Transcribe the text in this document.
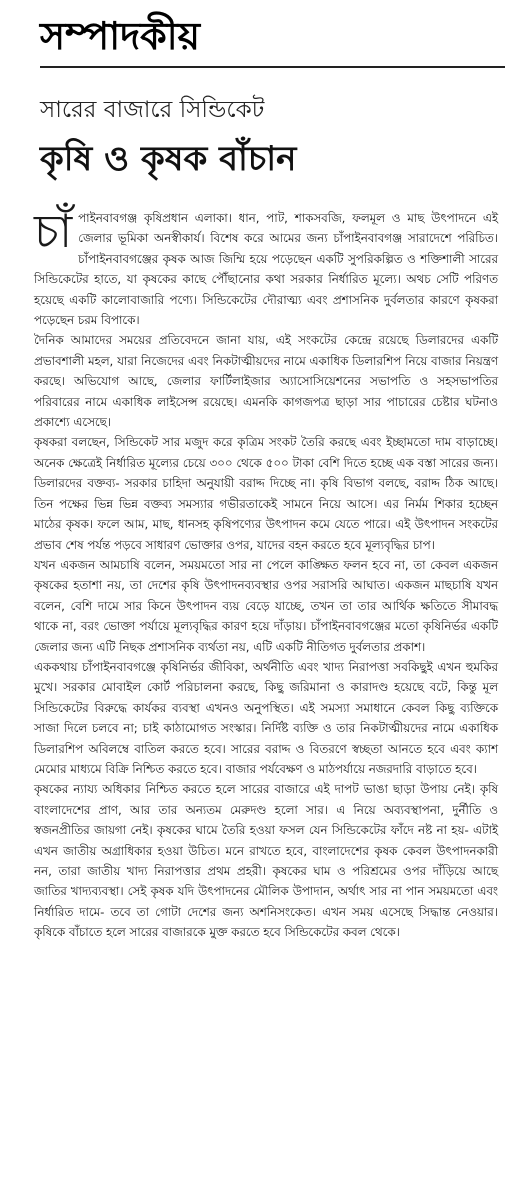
সম্পাদকীয়
সারের বাজারে সিন্ডিকেট
কৃষি ও কৃষক বাঁচান

চাঁপাইনবাবগঞ্জ কৃষিপ্রধান এলাকা। ধান, পাট, শাকসবজি, ফলমূল ও মাছ উৎপাদনে এই জেলার ভূমিকা অনস্বীকার্য। বিশেষ করে আমের জন্য চাঁপাইনবাবগঞ্জ সারাদেশে পরিচিত। চাঁপাইনবাবগঞ্জের কৃষক আজ জিম্মি হয়ে পড়েছেন একটি সুপরিকল্পিত ও শক্তিশালী সারের সিন্ডিকেটের হাতে, যা কৃষকের কাছে পৌঁছানোর কথা সরকার নির্ধারিত মূল্যে। অথচ সেটি পরিণত হয়েছে একটি কালোবাজারি পণ্যে। সিন্ডিকেটের দৌরাত্ম্য এবং প্রশাসনিক দুর্বলতার কারণে কৃষকরা পড়েছেন চরম বিপাকে।

দৈনিক আমাদের সময়ের প্রতিবেদনে জানা যায়, এই সংকটের কেন্দ্রে রয়েছে ডিলারদের একটি প্রভাবশালী মহল, যারা নিজেদের এবং নিকটাত্মীয়দের নামে একাধিক ডিলারশিপ নিয়ে বাজার নিয়ন্ত্রণ করছে। অভিযোগ আছে, জেলার ফার্টিলাইজার অ্যাসোসিয়েশনের সভাপতি ও সহসভাপতির পরিবারের নামে একাধিক লাইসেন্স রয়েছে। এমনকি কাগজপত্র ছাড়া সার পাচারের চেষ্টার ঘটনাও প্রকাশ্যে এসেছে।

কৃষকরা বলছেন, সিন্ডিকেট সার মজুদ করে কৃত্রিম সংকট তৈরি করছে এবং ইচ্ছামতো দাম বাড়াচ্ছে। অনেক ক্ষেত্রেই নির্ধারিত মূল্যের চেয়ে ৩০০ থেকে ৫০০ টাকা বেশি দিতে হচ্ছে এক বস্তা সারের জন্য। ডিলারদের বক্তব্য- সরকার চাহিদা অনুযায়ী বরাদ্দ দিচ্ছে না। কৃষি বিভাগ বলছে, বরাদ্দ ঠিক আছে। তিন পক্ষের ভিন্ন ভিন্ন বক্তব্য সমস্যার গভীরতাকেই সামনে নিয়ে আসে। এর নির্মম শিকার হচ্ছেন মাঠের কৃষক। ফলে আম, মাছ, ধানসহ কৃষিপণ্যের উৎপাদন কমে যেতে পারে। এই উৎপাদন সংকটের প্রভাব শেষ পর্যন্ত পড়বে সাধারণ ভোক্তার ওপর, যাদের বহন করতে হবে মূল্যবৃদ্ধির চাপ।

যখন একজন আমচাষি বলেন, সময়মতো সার না পেলে কাঙ্ক্ষিত ফলন হবে না, তা কেবল একজন কৃষকের হতাশা নয়, তা দেশের কৃষি উৎপাদনব্যবস্থার ওপর সরাসরি আঘাত। একজন মাছচাষি যখন বলেন, বেশি দামে সার কিনে উৎপাদন ব্যয় বেড়ে যাচ্ছে, তখন তা তার আর্থিক ক্ষতিতে সীমাবদ্ধ থাকে না, বরং ভোক্তা পর্যায়ে মূল্যবৃদ্ধির কারণ হয়ে দাঁড়ায়। চাঁপাইনবাবগঞ্জের মতো কৃষিনির্ভর একটি জেলার জন্য এটি নিছক প্রশাসনিক ব্যর্থতা নয়, এটি একটি নীতিগত দুর্বলতার প্রকাশ।

এককথায় চাঁপাইনবাবগঞ্জে কৃষিনির্ভর জীবিকা, অর্থনীতি এবং খাদ্য নিরাপত্তা সবকিছুই এখন হুমকির মুখে। সরকার মোবাইল কোর্ট পরিচালনা করছে, কিছু জরিমানা ও কারাদণ্ড হয়েছে বটে, কিন্তু মূল সিন্ডিকেটের বিরুদ্ধে কার্যকর ব্যবস্থা এখনও অনুপস্থিত। এই সমস্যা সমাধানে কেবল কিছু ব্যক্তিকে সাজা দিলে চলবে না; চাই কাঠামোগত সংস্কার। নির্দিষ্ট ব্যক্তি ও তার নিকটাত্মীয়দের নামে একাধিক ডিলারশিপ অবিলম্বে বাতিল করতে হবে। সারের বরাদ্দ ও বিতরণে স্বচ্ছতা আনতে হবে এবং ক্যাশ মেমোর মাধ্যমে বিক্রি নিশ্চিত করতে হবে। বাজার পর্যবেক্ষণ ও মাঠপর্যায়ে নজরদারি বাড়াতে হবে।

কৃষকের ন্যায্য অধিকার নিশ্চিত করতে হলে সারের বাজারে এই দাপট ভাঙা ছাড়া উপায় নেই। কৃষি বাংলাদেশের প্রাণ, আর তার অন্যতম মেরুদণ্ড হলো সার। এ নিয়ে অব্যবস্থাপনা, দুর্নীতি ও স্বজনপ্রীতির জায়গা নেই। কৃষকের ঘামে তৈরি হওয়া ফসল যেন সিন্ডিকেটের ফাঁদে নষ্ট না হয়- এটাই এখন জাতীয় অগ্রাধিকার হওয়া উচিত। মনে রাখতে হবে, বাংলাদেশের কৃষক কেবল উৎপাদনকারী নন, তারা জাতীয় খাদ্য নিরাপত্তার প্রথম প্রহরী। কৃষকের ঘাম ও পরিশ্রমের ওপর দাঁড়িয়ে আছে জাতির খাদ্যব্যবস্থা। সেই কৃষক যদি উৎপাদনের মৌলিক উপাদান, অর্থাৎ সার না পান সময়মতো এবং নির্ধারিত দামে- তবে তা গোটা দেশের জন্য অশনিসংকেত। এখন সময় এসেছে সিদ্ধান্ত নেওয়ার। কৃষিকে বাঁচাতে হলে সারের বাজারকে মুক্ত করতে হবে সিন্ডিকেটের কবল থেকে।
